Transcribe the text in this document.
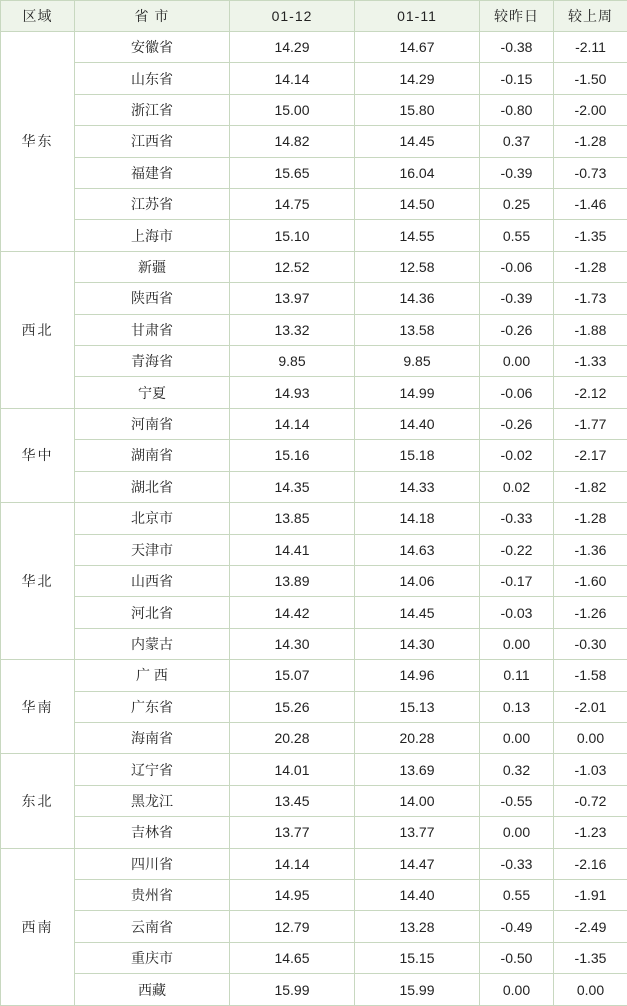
区域	省 市	01-12	01-11	较昨日	较上周
华东	安徽省	14.29	14.67	-0.38	-2.11
	山东省	14.14	14.29	-0.15	-1.50
	浙江省	15.00	15.80	-0.80	-2.00
	江西省	14.82	14.45	0.37	-1.28
	福建省	15.65	16.04	-0.39	-0.73
	江苏省	14.75	14.50	0.25	-1.46
	上海市	15.10	14.55	0.55	-1.35
西北	新疆	12.52	12.58	-0.06	-1.28
	陕西省	13.97	14.36	-0.39	-1.73
	甘肃省	13.32	13.58	-0.26	-1.88
	青海省	9.85	9.85	0.00	-1.33
	宁夏	14.93	14.99	-0.06	-2.12
华中	河南省	14.14	14.40	-0.26	-1.77
	湖南省	15.16	15.18	-0.02	-2.17
	湖北省	14.35	14.33	0.02	-1.82
华北	北京市	13.85	14.18	-0.33	-1.28
	天津市	14.41	14.63	-0.22	-1.36
	山西省	13.89	14.06	-0.17	-1.60
	河北省	14.42	14.45	-0.03	-1.26
	内蒙古	14.30	14.30	0.00	-0.30
华南	广 西	15.07	14.96	0.11	-1.58
	广东省	15.26	15.13	0.13	-2.01
	海南省	20.28	20.28	0.00	0.00
东北	辽宁省	14.01	13.69	0.32	-1.03
	黑龙江	13.45	14.00	-0.55	-0.72
	吉林省	13.77	13.77	0.00	-1.23
西南	四川省	14.14	14.47	-0.33	-2.16
	贵州省	14.95	14.40	0.55	-1.91
	云南省	12.79	13.28	-0.49	-2.49
	重庆市	14.65	15.15	-0.50	-1.35
	西藏	15.99	15.99	0.00	0.00
